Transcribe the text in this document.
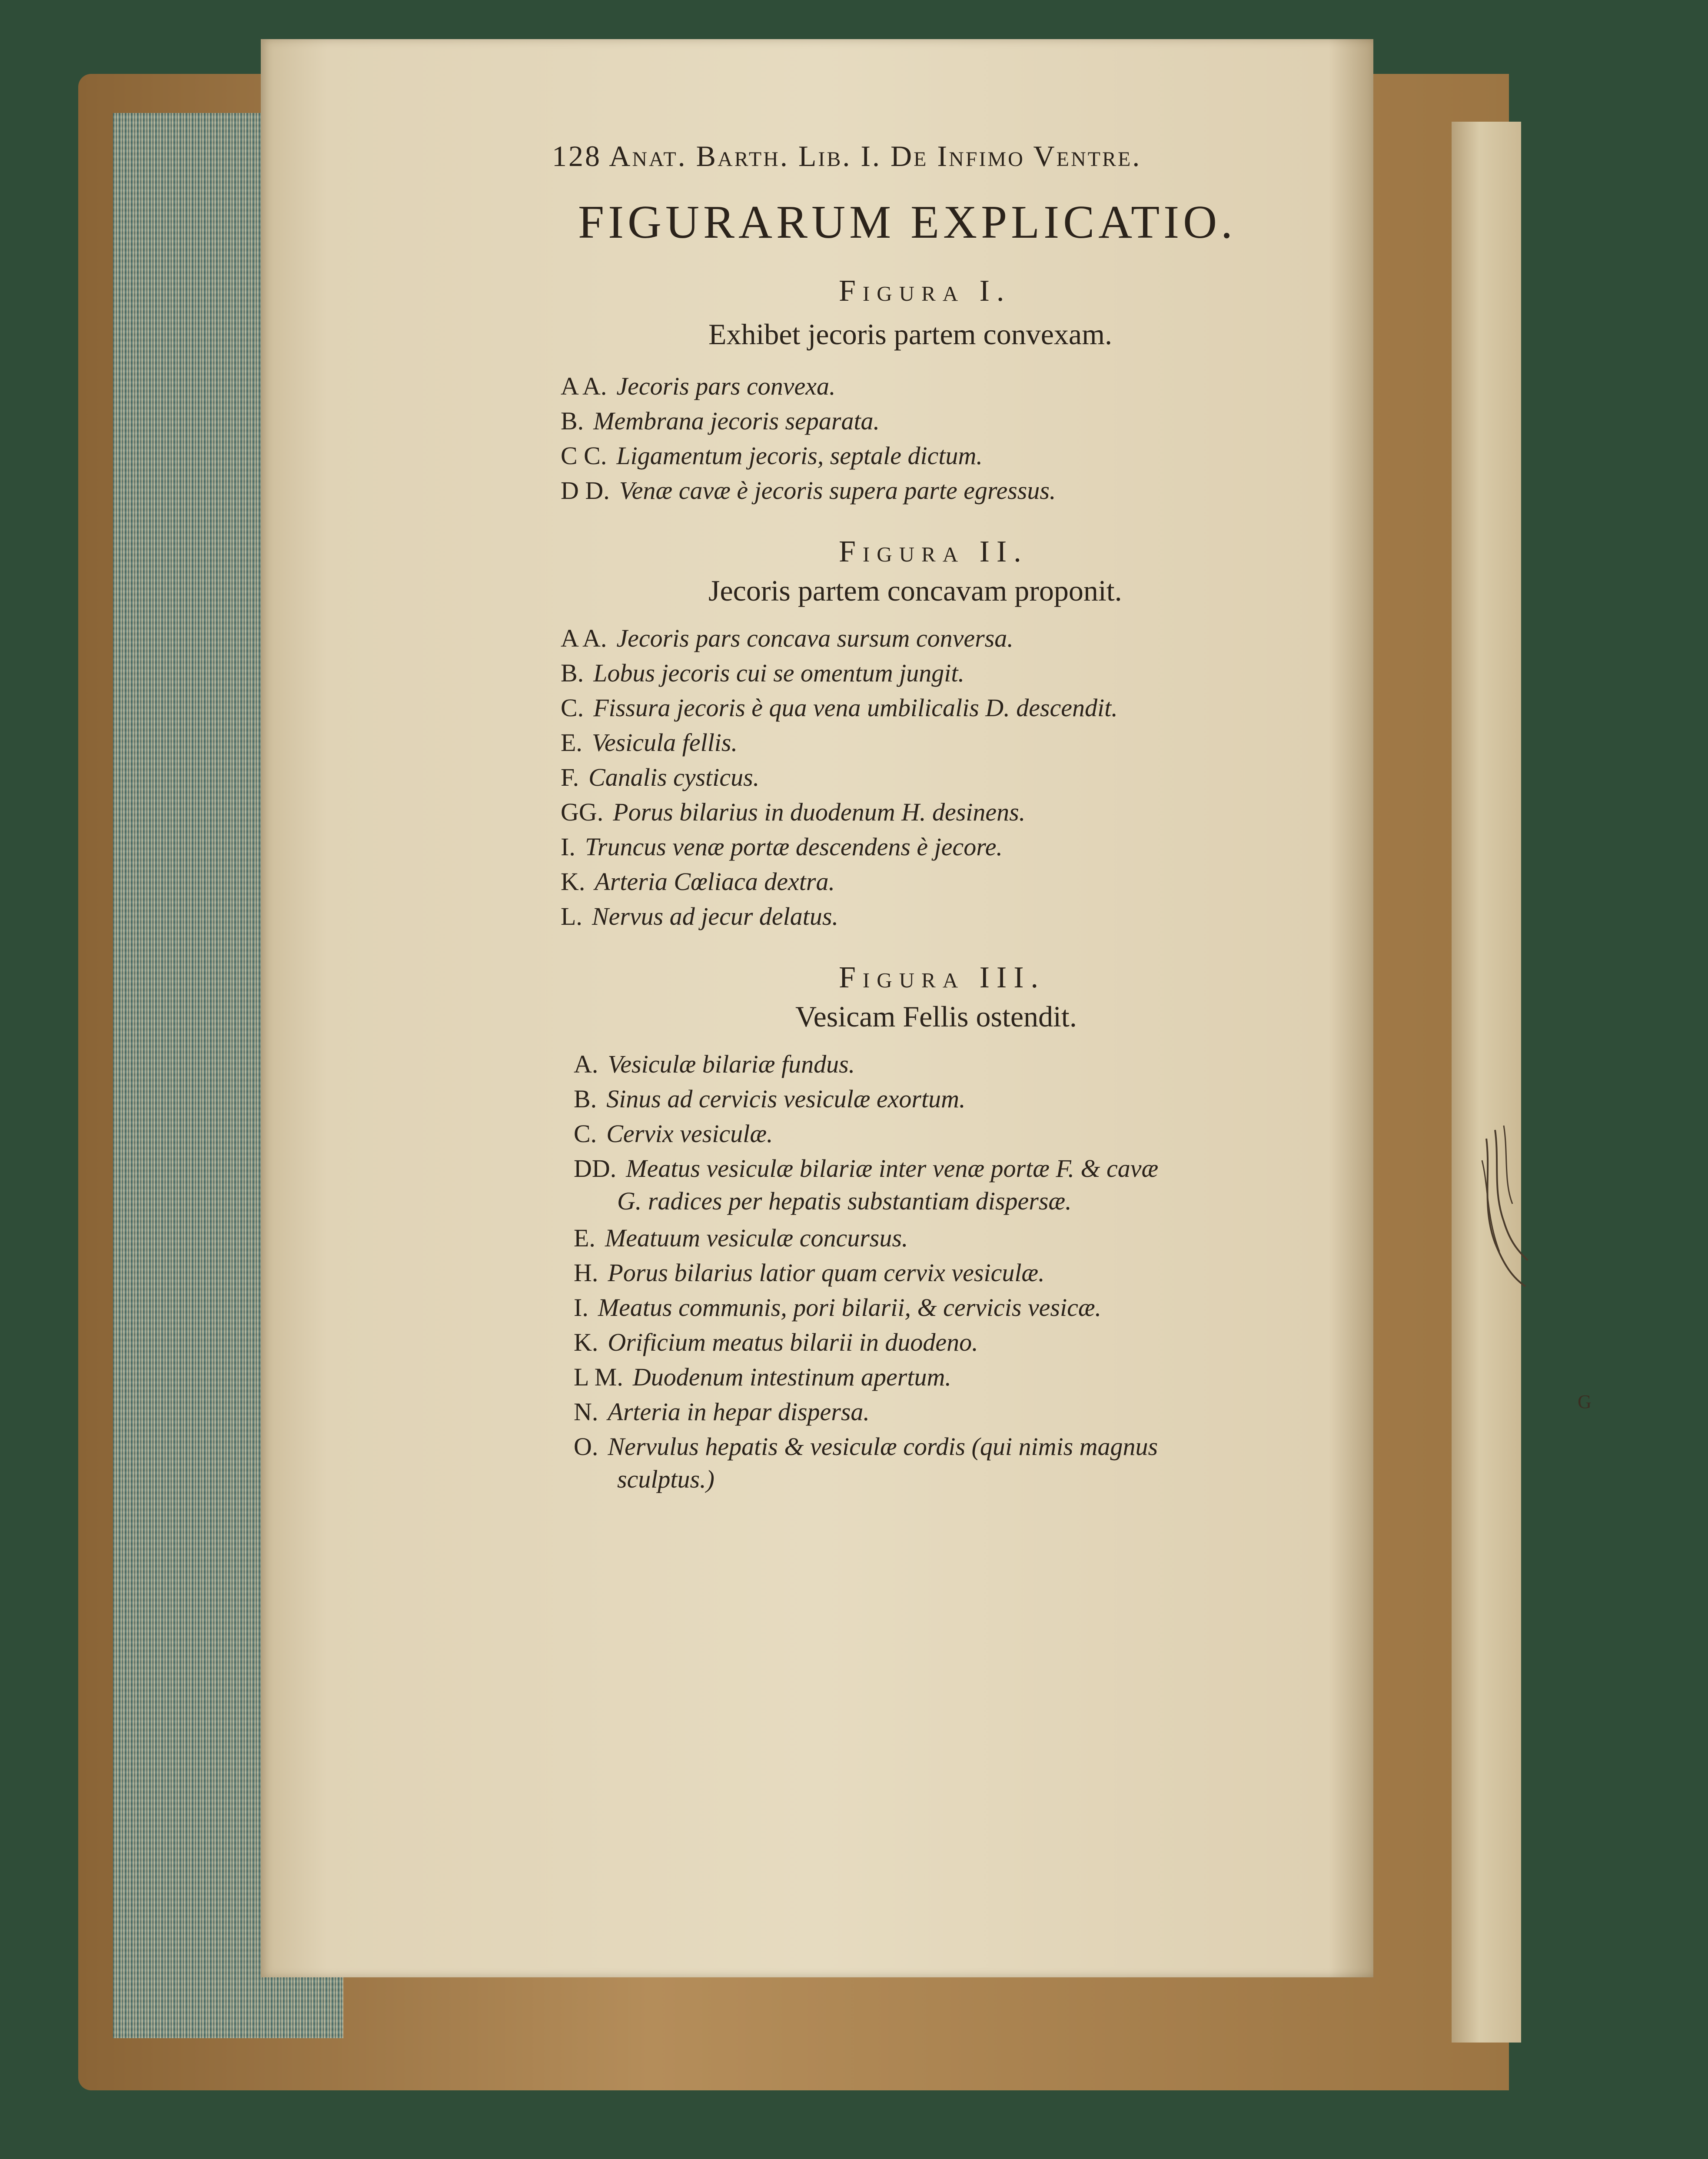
G
128 Anat. Barth. Lib. I. De Infimo Ventre.
FIGURARUM EXPLICATIO.
Figura I.
Exhibet jecoris partem convexam.
A A. Jecoris pars convexa.
B. Membrana jecoris separata.
C C. Ligamentum jecoris, septale dictum.
D D. Venæ cavæ è jecoris supera parte egressus.
Figura II.
Jecoris partem concavam proponit.
A A. Jecoris pars concava sursum conversa.
B. Lobus jecoris cui se omentum jungit.
C. Fissura jecoris è qua vena umbilicalis D. descendit.
E. Vesicula fellis.
F. Canalis cysticus.
GG. Porus bilarius in duodenum H. desinens.
I. Truncus venæ portæ descendens è jecore.
K. Arteria Cœliaca dextra.
L. Nervus ad jecur delatus.
Figura III.
Vesicam Fellis ostendit.
A. Vesiculæ bilariæ fundus.
B. Sinus ad cervicis vesiculæ exortum.
C. Cervix vesiculæ.
DD. Meatus vesiculæ bilariæ inter venæ portæ F. & cavæ
G. radices per hepatis substantiam dispersæ.
E. Meatuum vesiculæ concursus.
H. Porus bilarius latior quam cervix vesiculæ.
I. Meatus communis, pori bilarii, & cervicis vesicæ.
K. Orificium meatus bilarii in duodeno.
L M. Duodenum intestinum apertum.
N. Arteria in hepar dispersa.
O. Nervulus hepatis & vesiculæ cordis (qui nimis magnus
sculptus.)
